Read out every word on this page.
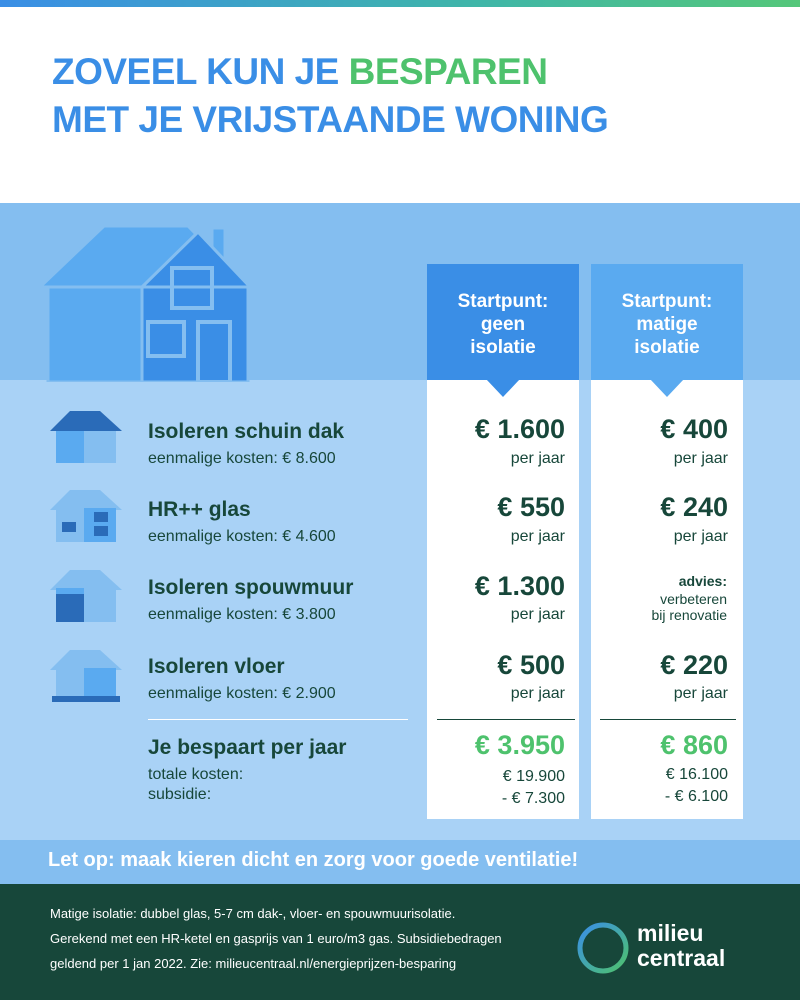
ZOVEEL KUN JE BESPAREN
MET JE VRIJSTAANDE WONING
Startpunt:
geen
isolatie
Startpunt:
matige
isolatie
Isoleren schuin dak
eenmalige kosten: € 8.600
€ 1.600
per jaar
€ 400
per jaar
HR++ glas
eenmalige kosten: € 4.600
€ 550
per jaar
€ 240
per jaar
Isoleren spouwmuur
eenmalige kosten: € 3.800
€ 1.300
per jaar
advies:
verbeteren
bij renovatie
Isoleren vloer
eenmalige kosten: € 2.900
€ 500
per jaar
€ 220
per jaar
Je bespaart per jaar
totale kosten:
subsidie:
€ 3.950
€ 19.900
- € 7.300
€ 860
€ 16.100
- € 6.100
Let op: maak kieren dicht en zorg voor goede ventilatie!
Matige isolatie: dubbel glas, 5-7 cm dak-, vloer- en spouwmuurisolatie.
Gerekend met een HR-ketel en gasprijs van 1 euro/m3 gas. Subsidiebedragen
geldend per 1 jan 2022. Zie: milieucentraal.nl/energieprijzen-besparing
milieu
centraal
